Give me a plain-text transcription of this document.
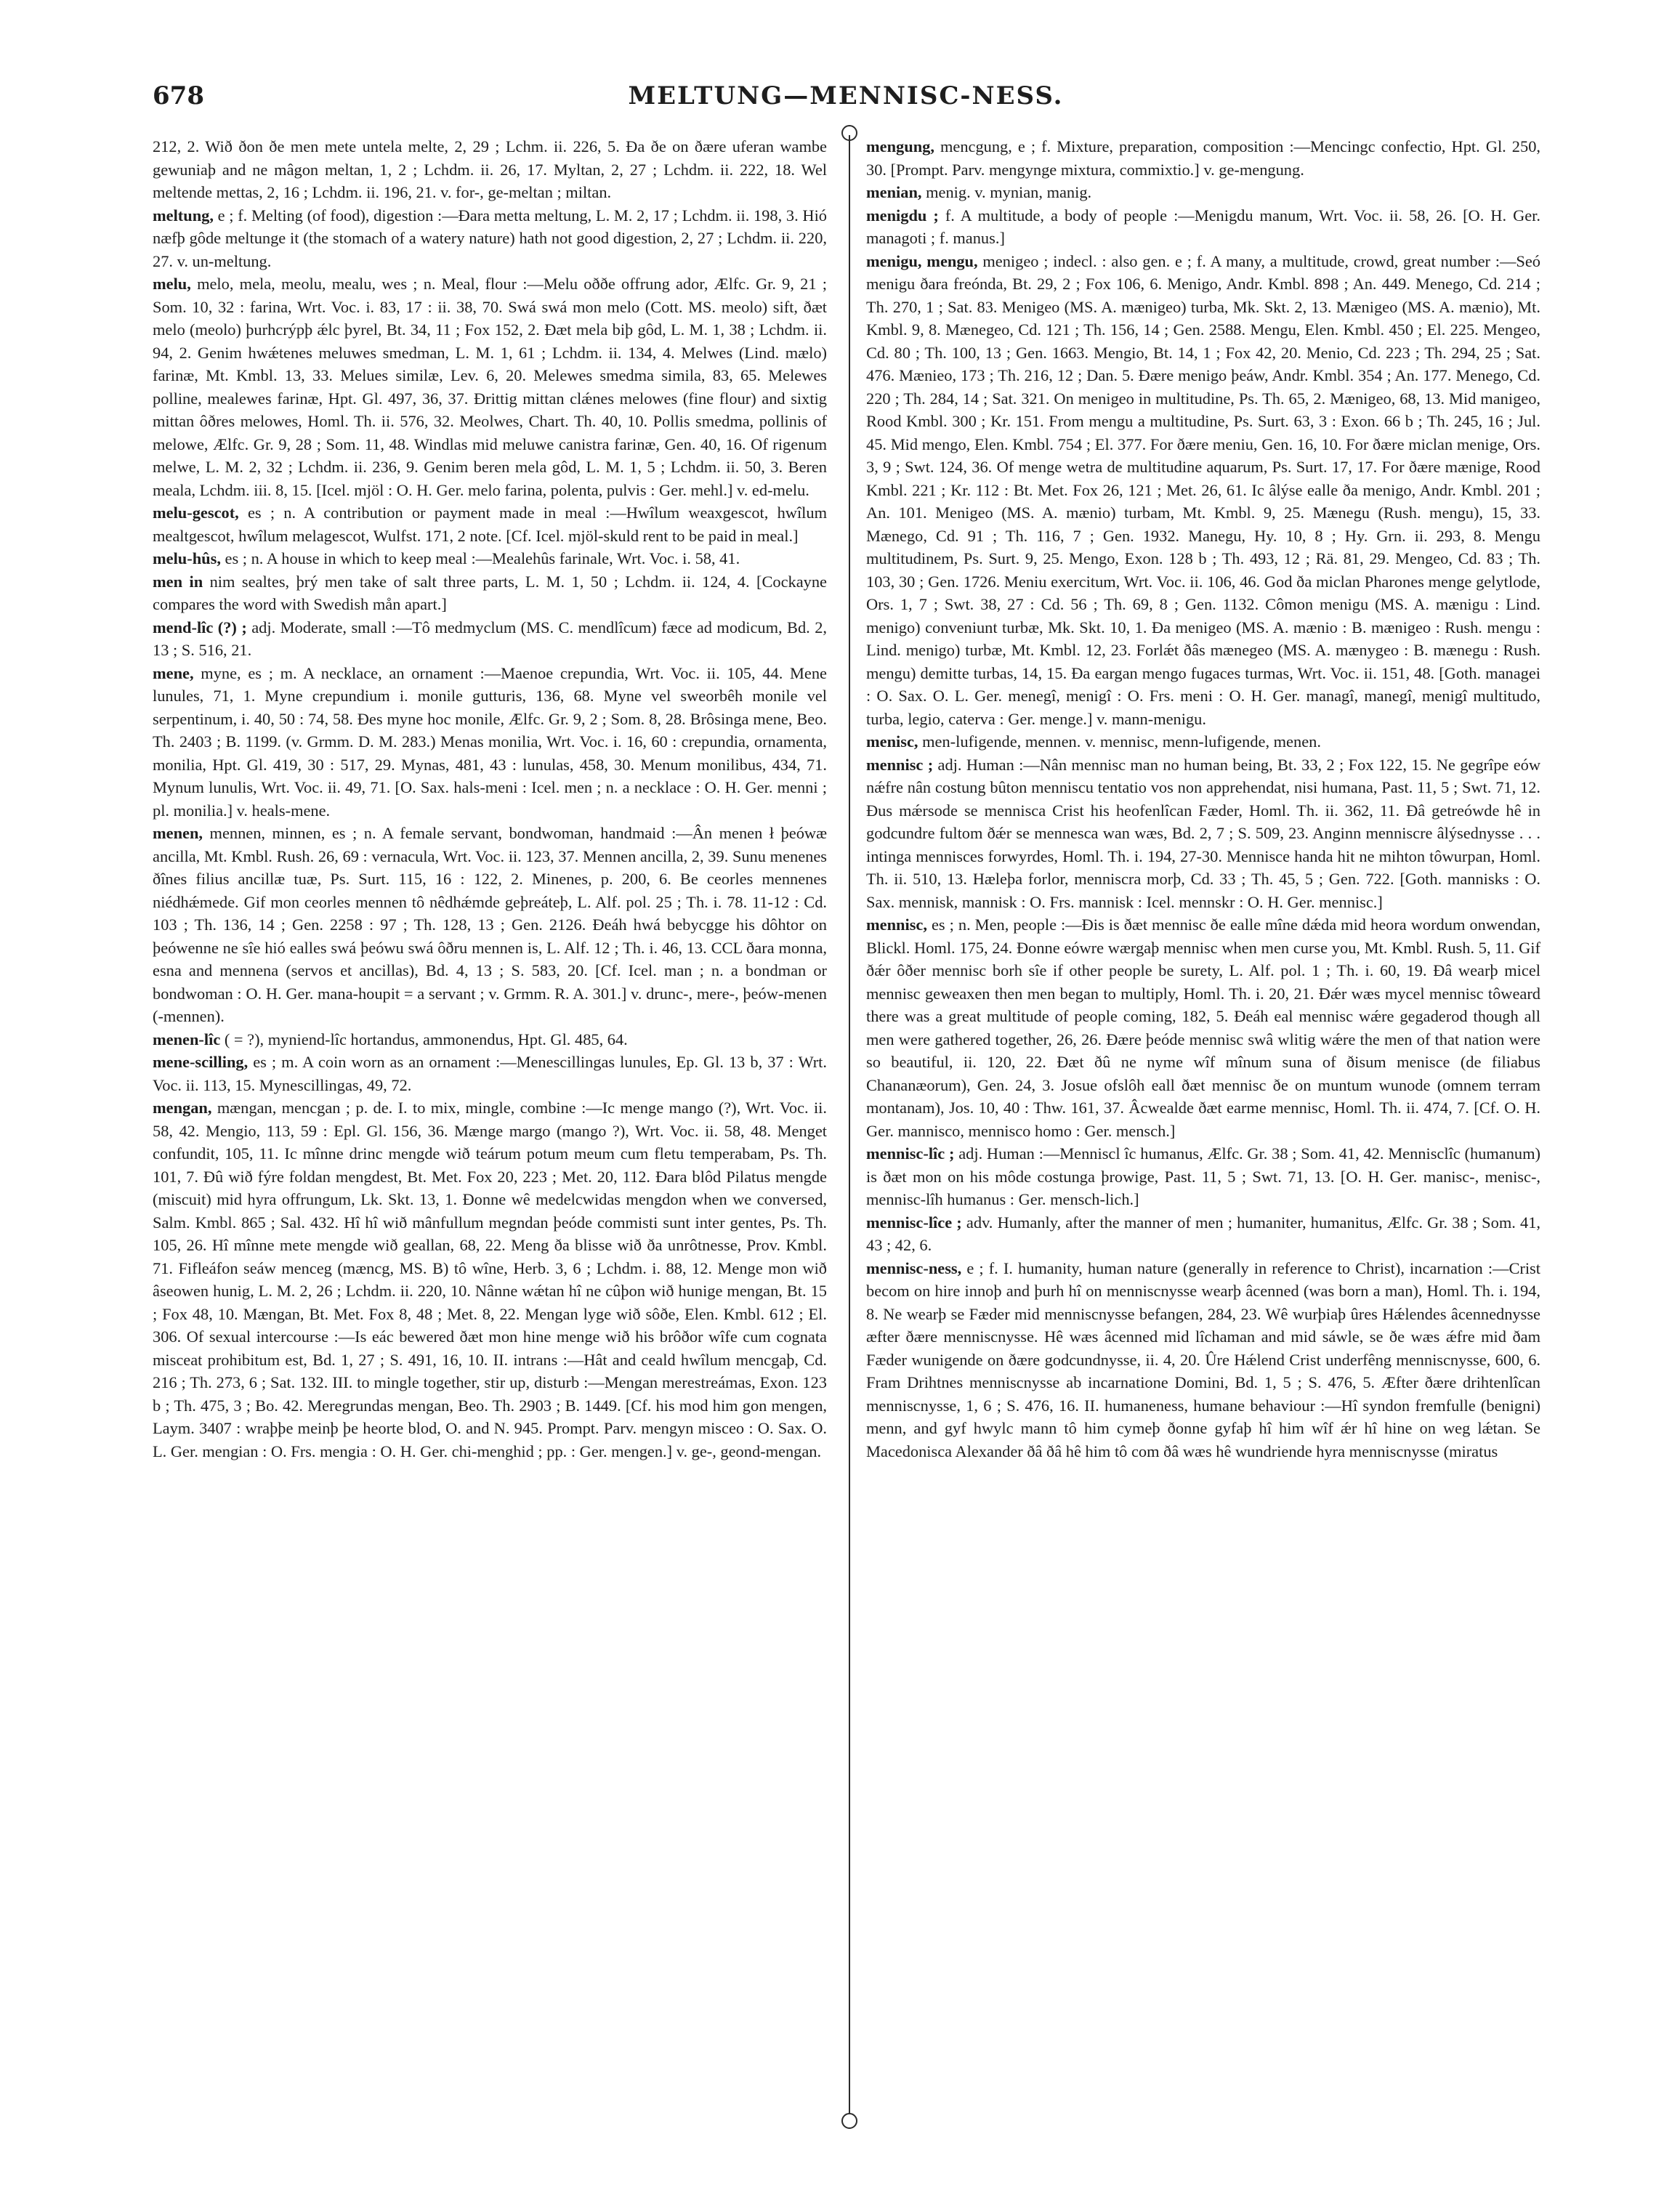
678	MELTUNG—MENNISC-NESS.

212, 2. Wið ðon ðe men mete untela melte, 2, 29 ; Lchm. ii. 226, 5. Ða ðe on ðære uferan wambe gewuniaþ and ne mâgon meltan, 1, 2 ; Lchdm. ii. 26, 17. Myltan, 2, 27 ; Lchdm. ii. 222, 18. Wel meltende mettas, 2, 16 ; Lchdm. ii. 196, 21. v. for-, ge-meltan ; miltan.

meltung, e ; f. Melting (of food), digestion :—Ðara metta meltung, L. M. 2, 17 ; Lchdm. ii. 198, 3. Hió næfþ gôde meltunge it (the stomach of a watery nature) hath not good digestion, 2, 27 ; Lchdm. ii. 220, 27. v. un-meltung.

melu, melo, mela, meolu, mealu, wes ; n. Meal, flour :—Melu oððe offrung ador, Ælfc. Gr. 9, 21 ; Som. 10, 32 : farina, Wrt. Voc. i. 83, 17 : ii. 38, 70. Swá swá mon melo (Cott. MS. meolo) sift, ðæt melo (meolo) þurhcrýpþ ǽlc þyrel, Bt. 34, 11 ; Fox 152, 2. Ðæt mela biþ gôd, L. M. 1, 38 ; Lchdm. ii. 94, 2. Genim hwǽtenes meluwes smedman, L. M. 1, 61 ; Lchdm. ii. 134, 4. Melwes (Lind. mælo) farinæ, Mt. Kmbl. 13, 33. Melues similæ, Lev. 6, 20. Melewes smedma simila, 83, 65. Melewes polline, mealewes farinæ, Hpt. Gl. 497, 36, 37. Ðrittig mittan clǽnes melowes (fine flour) and sixtig mittan ôðres melowes, Homl. Th. ii. 576, 32. Meolwes, Chart. Th. 40, 10. Pollis smedma, pollinis of melowe, Ælfc. Gr. 9, 28 ; Som. 11, 48. Windlas mid meluwe canistra farinæ, Gen. 40, 16. Of rigenum melwe, L. M. 2, 32 ; Lchdm. ii. 236, 9. Genim beren mela gôd, L. M. 1, 5 ; Lchdm. ii. 50, 3. Beren meala, Lchdm. iii. 8, 15. [Icel. mjöl : O. H. Ger. melo farina, polenta, pulvis : Ger. mehl.] v. ed-melu.

melu-gescot, es ; n. A contribution or payment made in meal :—Hwîlum weaxgescot, hwîlum mealtgescot, hwîlum melagescot, Wulfst. 171, 2 note. [Cf. Icel. mjöl-skuld rent to be paid in meal.]

melu-hûs, es ; n. A house in which to keep meal :—Mealehûs farinale, Wrt. Voc. i. 58, 41.

men in nim sealtes, þrý men take of salt three parts, L. M. 1, 50 ; Lchdm. ii. 124, 4. [Cockayne compares the word with Swedish mån apart.]

mend-lîc (?) ; adj. Moderate, small :—Tô medmyclum (MS. C. mendlîcum) fæce ad modicum, Bd. 2, 13 ; S. 516, 21.

mene, myne, es ; m. A necklace, an ornament :—Maenoe crepundia, Wrt. Voc. ii. 105, 44. Mene lunules, 71, 1. Myne crepundium i. monile gutturis, 136, 68. Myne vel sweorbêh monile vel serpentinum, i. 40, 50 : 74, 58. Ðes myne hoc monile, Ælfc. Gr. 9, 2 ; Som. 8, 28. Brôsinga mene, Beo. Th. 2403 ; B. 1199. (v. Grmm. D. M. 283.) Menas monilia, Wrt. Voc. i. 16, 60 : crepundia, ornamenta, monilia, Hpt. Gl. 419, 30 : 517, 29. Mynas, 481, 43 : lunulas, 458, 30. Menum monilibus, 434, 71. Mynum lunulis, Wrt. Voc. ii. 49, 71. [O. Sax. hals-meni : Icel. men ; n. a necklace : O. H. Ger. menni ; pl. monilia.] v. heals-mene.

menen, mennen, minnen, es ; n. A female servant, bondwoman, handmaid :—Ân menen ł þeówæ ancilla, Mt. Kmbl. Rush. 26, 69 : vernacula, Wrt. Voc. ii. 123, 37. Mennen ancilla, 2, 39. Sunu menenes ðînes filius ancillæ tuæ, Ps. Surt. 115, 16 : 122, 2. Minenes, p. 200, 6. Be ceorles mennenes niédhǽmede. Gif mon ceorles mennen tô nêdhǽmde geþreáteþ, L. Alf. pol. 25 ; Th. i. 78. 11-12 : Cd. 103 ; Th. 136, 14 ; Gen. 2258 : 97 ; Th. 128, 13 ; Gen. 2126. Ðeáh hwá bebycgge his dôhtor on þeówenne ne sîe hió ealles swá þeówu swá ôðru mennen is, L. Alf. 12 ; Th. i. 46, 13. CCL ðara monna, esna and mennena (servos et ancillas), Bd. 4, 13 ; S. 583, 20. [Cf. Icel. man ; n. a bondman or bondwoman : O. H. Ger. mana-houpit = a servant ; v. Grmm. R. A. 301.] v. drunc-, mere-, þeów-menen (-mennen).

menen-lîc ( = ?), myniend-lîc hortandus, ammonendus, Hpt. Gl. 485, 64.

mene-scilling, es ; m. A coin worn as an ornament :—Menescillingas lunules, Ep. Gl. 13 b, 37 : Wrt. Voc. ii. 113, 15. Mynescillingas, 49, 72.

mengan, mængan, mencgan ; p. de. I. to mix, mingle, combine :—Ic menge mango (?), Wrt. Voc. ii. 58, 42. Mengio, 113, 59 : Epl. Gl. 156, 36. Mænge margo (mango ?), Wrt. Voc. ii. 58, 48. Menget confundit, 105, 11. Ic mînne drinc mengde wið teárum potum meum cum fletu temperabam, Ps. Th. 101, 7. Ðû wið fýre foldan mengdest, Bt. Met. Fox 20, 223 ; Met. 20, 112. Ðara blôd Pilatus mengde (miscuit) mid hyra offrungum, Lk. Skt. 13, 1. Ðonne wê medelcwidas mengdon when we conversed, Salm. Kmbl. 865 ; Sal. 432. Hî hî wið mânfullum megndan þeóde commisti sunt inter gentes, Ps. Th. 105, 26. Hî mînne mete mengde wið geallan, 68, 22. Meng ða blisse wið ða unrôtnesse, Prov. Kmbl. 71. Fifleáfon seáw menceg (mæncg, MS. B) tô wîne, Herb. 3, 6 ; Lchdm. i. 88, 12. Menge mon wið âseowen hunig, L. M. 2, 26 ; Lchdm. ii. 220, 10. Nânne wǽtan hî ne cûþon wið hunige mengan, Bt. 15 ; Fox 48, 10. Mængan, Bt. Met. Fox 8, 48 ; Met. 8, 22. Mengan lyge wið sôðe, Elen. Kmbl. 612 ; El. 306. Of sexual intercourse :—Is eác bewered ðæt mon hine menge wið his brôðor wîfe cum cognata misceat prohibitum est, Bd. 1, 27 ; S. 491, 16, 10. II. intrans :—Hât and ceald hwîlum mencgaþ, Cd. 216 ; Th. 273, 6 ; Sat. 132. III. to mingle together, stir up, disturb :—Mengan merestreámas, Exon. 123 b ; Th. 475, 3 ; Bo. 42. Meregrundas mengan, Beo. Th. 2903 ; B. 1449. [Cf. his mod him gon mengen, Laym. 3407 : wraþþe meinþ þe heorte blod, O. and N. 945. Prompt. Parv. mengyn misceo : O. Sax. O. L. Ger. mengian : O. Frs. mengia : O. H. Ger. chi-menghid ; pp. : Ger. mengen.] v. ge-, geond-mengan.

mengung, mencgung, e ; f. Mixture, preparation, composition :—Mencingc confectio, Hpt. Gl. 250, 30. [Prompt. Parv. mengynge mixtura, commixtio.] v. ge-mengung.

menian, menig. v. mynian, manig.

menigdu ; f. A multitude, a body of people :—Menigdu manum, Wrt. Voc. ii. 58, 26. [O. H. Ger. managoti ; f. manus.]

menigu, mengu, menigeo ; indecl. : also gen. e ; f. A many, a multitude, crowd, great number :—Seó menigu ðara freónda, Bt. 29, 2 ; Fox 106, 6. Menigo, Andr. Kmbl. 898 ; An. 449. Menego, Cd. 214 ; Th. 270, 1 ; Sat. 83. Menigeo (MS. A. mænigeo) turba, Mk. Skt. 2, 13. Mænigeo (MS. A. mænio), Mt. Kmbl. 9, 8. Mænegeo, Cd. 121 ; Th. 156, 14 ; Gen. 2588. Mengu, Elen. Kmbl. 450 ; El. 225. Mengeo, Cd. 80 ; Th. 100, 13 ; Gen. 1663. Mengio, Bt. 14, 1 ; Fox 42, 20. Menio, Cd. 223 ; Th. 294, 25 ; Sat. 476. Mænieo, 173 ; Th. 216, 12 ; Dan. 5. Ðære menigo þeáw, Andr. Kmbl. 354 ; An. 177. Menego, Cd. 220 ; Th. 284, 14 ; Sat. 321. On menigeo in multitudine, Ps. Th. 65, 2. Mænigeo, 68, 13. Mid manigeo, Rood Kmbl. 300 ; Kr. 151. From mengu a multitudine, Ps. Surt. 63, 3 : Exon. 66 b ; Th. 245, 16 ; Jul. 45. Mid mengo, Elen. Kmbl. 754 ; El. 377. For ðære meniu, Gen. 16, 10. For ðære miclan menige, Ors. 3, 9 ; Swt. 124, 36. Of menge wetra de multitudine aquarum, Ps. Surt. 17, 17. For ðære mænige, Rood Kmbl. 221 ; Kr. 112 : Bt. Met. Fox 26, 121 ; Met. 26, 61. Ic âlýse ealle ða menigo, Andr. Kmbl. 201 ; An. 101. Menigeo (MS. A. mænio) turbam, Mt. Kmbl. 9, 25. Mænegu (Rush. mengu), 15, 33. Mænego, Cd. 91 ; Th. 116, 7 ; Gen. 1932. Manegu, Hy. 10, 8 ; Hy. Grn. ii. 293, 8. Mengu multitudinem, Ps. Surt. 9, 25. Mengo, Exon. 128 b ; Th. 493, 12 ; Rä. 81, 29. Mengeo, Cd. 83 ; Th. 103, 30 ; Gen. 1726. Meniu exercitum, Wrt. Voc. ii. 106, 46. God ða miclan Pharones menge gelytlode, Ors. 1, 7 ; Swt. 38, 27 : Cd. 56 ; Th. 69, 8 ; Gen. 1132. Cômon menigu (MS. A. mænigu : Lind. menigo) conveniunt turbæ, Mk. Skt. 10, 1. Ða menigeo (MS. A. mænio : B. mænigeo : Rush. mengu : Lind. menigo) turbæ, Mt. Kmbl. 12, 23. Forlǽt ðâs mænegeo (MS. A. mænygeo : B. mænegu : Rush. mengu) demitte turbas, 14, 15. Ða eargan mengo fugaces turmas, Wrt. Voc. ii. 151, 48. [Goth. managei : O. Sax. O. L. Ger. menegî, menigî : O. Frs. meni : O. H. Ger. managî, manegî, menigî multitudo, turba, legio, caterva : Ger. menge.] v. mann-menigu.

menisc, men-lufigende, mennen. v. mennisc, menn-lufigende, menen.

mennisc ; adj. Human :—Nân mennisc man no human being, Bt. 33, 2 ; Fox 122, 15. Ne gegrîpe eów nǽfre nân costung bûton menniscu tentatio vos non apprehendat, nisi humana, Past. 11, 5 ; Swt. 71, 12. Ðus mǽrsode se mennisca Crist his heofenlîcan Fæder, Homl. Th. ii. 362, 11. Ðâ getreówde hê in godcundre fultom ðǽr se mennesca wan wæs, Bd. 2, 7 ; S. 509, 23. Anginn menniscre âlýsednysse . . . intinga mennisces forwyrdes, Homl. Th. i. 194, 27-30. Mennisce handa hit ne mihton tôwurpan, Homl. Th. ii. 510, 13. Hæleþa forlor, menniscra morþ, Cd. 33 ; Th. 45, 5 ; Gen. 722. [Goth. mannisks : O. Sax. mennisk, mannisk : O. Frs. mannisk : Icel. mennskr : O. H. Ger. mennisc.]

mennisc, es ; n. Men, people :—Ðis is ðæt mennisc ðe ealle mîne dǽda mid heora wordum onwendan, Blickl. Homl. 175, 24. Ðonne eówre wærgaþ mennisc when men curse you, Mt. Kmbl. Rush. 5, 11. Gif ðǽr ôðer mennisc borh sîe if other people be surety, L. Alf. pol. 1 ; Th. i. 60, 19. Ðâ wearþ micel mennisc geweaxen then men began to multiply, Homl. Th. i. 20, 21. Ðǽr wæs mycel mennisc tôweard there was a great multitude of people coming, 182, 5. Ðeáh eal mennisc wǽre gegaderod though all men were gathered together, 26, 26. Ðære þeóde mennisc swâ wlitig wǽre the men of that nation were so beautiful, ii. 120, 22. Ðæt ðû ne nyme wîf mînum suna of ðisum menisce (de filiabus Chananæorum), Gen. 24, 3. Josue ofslôh eall ðæt mennisc ðe on muntum wunode (omnem terram montanam), Jos. 10, 40 : Thw. 161, 37. Âcwealde ðæt earme mennisc, Homl. Th. ii. 474, 7. [Cf. O. H. Ger. mannisco, mennisco homo : Ger. mensch.]

mennisc-lîc ; adj. Human :—Menniscl îc humanus, Ælfc. Gr. 38 ; Som. 41, 42. Mennisclîc (humanum) is ðæt mon on his môde costunga þrowige, Past. 11, 5 ; Swt. 71, 13. [O. H. Ger. manisc-, menisc-, mennisc-lîh humanus : Ger. mensch-lich.]

mennisc-lîce ; adv. Humanly, after the manner of men ; humaniter, humanitus, Ælfc. Gr. 38 ; Som. 41, 43 ; 42, 6.

mennisc-ness, e ; f. I. humanity, human nature (generally in reference to Christ), incarnation :—Crist becom on hire innoþ and þurh hî on menniscnysse wearþ âcenned (was born a man), Homl. Th. i. 194, 8. Ne wearþ se Fæder mid menniscnysse befangen, 284, 23. Wê wurþiaþ ûres Hǽlendes âcennednysse æfter ðære menniscnysse. Hê wæs âcenned mid lîchaman and mid sáwle, se ðe wæs ǽfre mid ðam Fæder wunigende on ðære godcundnysse, ii. 4, 20. Ûre Hǽlend Crist underfêng menniscnysse, 600, 6. Fram Drihtnes menniscnysse ab incarnatione Domini, Bd. 1, 5 ; S. 476, 5. Æfter ðære drihtenlîcan menniscnysse, 1, 6 ; S. 476, 16. II. humaneness, humane behaviour :—Hî syndon fremfulle (benigni) menn, and gyf hwylc mann tô him cymeþ ðonne gyfaþ hî him wîf ǽr hî hine on weg lǽtan. Se Macedonisca Alexander ðâ ðâ hê him tô com ðâ wæs hê wundriende hyra menniscnysse (miratus
